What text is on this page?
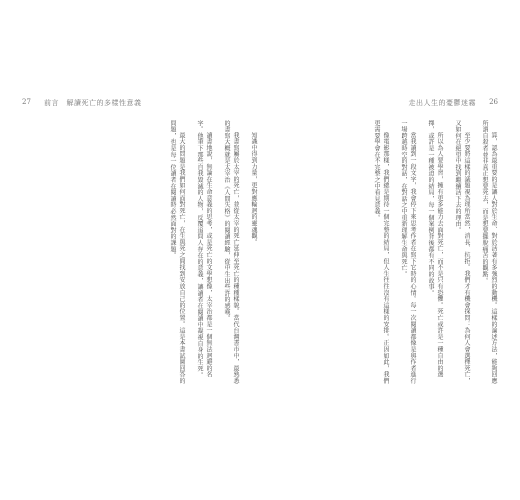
27 前言　解讀死亡的多樣性意義

知識中得到力量，更對應輪迴的靈魂觀。

我書寫屬於太宰的死亡，並從太宰的死亡延伸至死亡的種種樣貌。當代台灣書市中，最熟悉的書寫大概就是太宰治《人間失格》的閱讀經驗，從中生出些許的感嘆。

讀書地說，無論在生命意義的思考，或是死亡的文學想像，太宰治都是一個無法迴避的名字。他筆下那些自我毀滅的人物，反覆追問人存在的意義，讓讀者在閱讀中凝視自身的生死。

最大的問題是我們如何面對死亡，在生與死之間找到安放自己的位置。這是本書試圖回答的問題，也是每一位讀者在閱讀時必然面對的課題。

走出人生的憂鬱迷霧 26

算，認為最重要的是讓人對於生命、對於活著有多強烈的動機。這樣的論述方法，能夠回應所謂自殺者並非真正想要死去，而是想要擺脫痛苦的觀點。

至少要將這樣的議題視為理所當然，消長、抗拒。我們才有機會探問：為何人會選擇死亡，又如何在絕望中找到繼續活下去的理由。

所以為人要學習，擁有更多能力去面對死亡，而不是只有恐懼。死亡或許是一種自由的選擇，或許是一種被迫的結局，每一個案例背後都有不同的故事。

當我讀到一段文字，我會停下來思考作者在寫下它時的心情。每一次閱讀都像是與作者進行一場跨越時空的對話，在對話之中重新理解生命與死亡。

像電影那樣，我們總是期待一個完整的結局，但人生往往沒有這樣的安排。正因如此，我們更需要學會在不完整之中看見意義。
